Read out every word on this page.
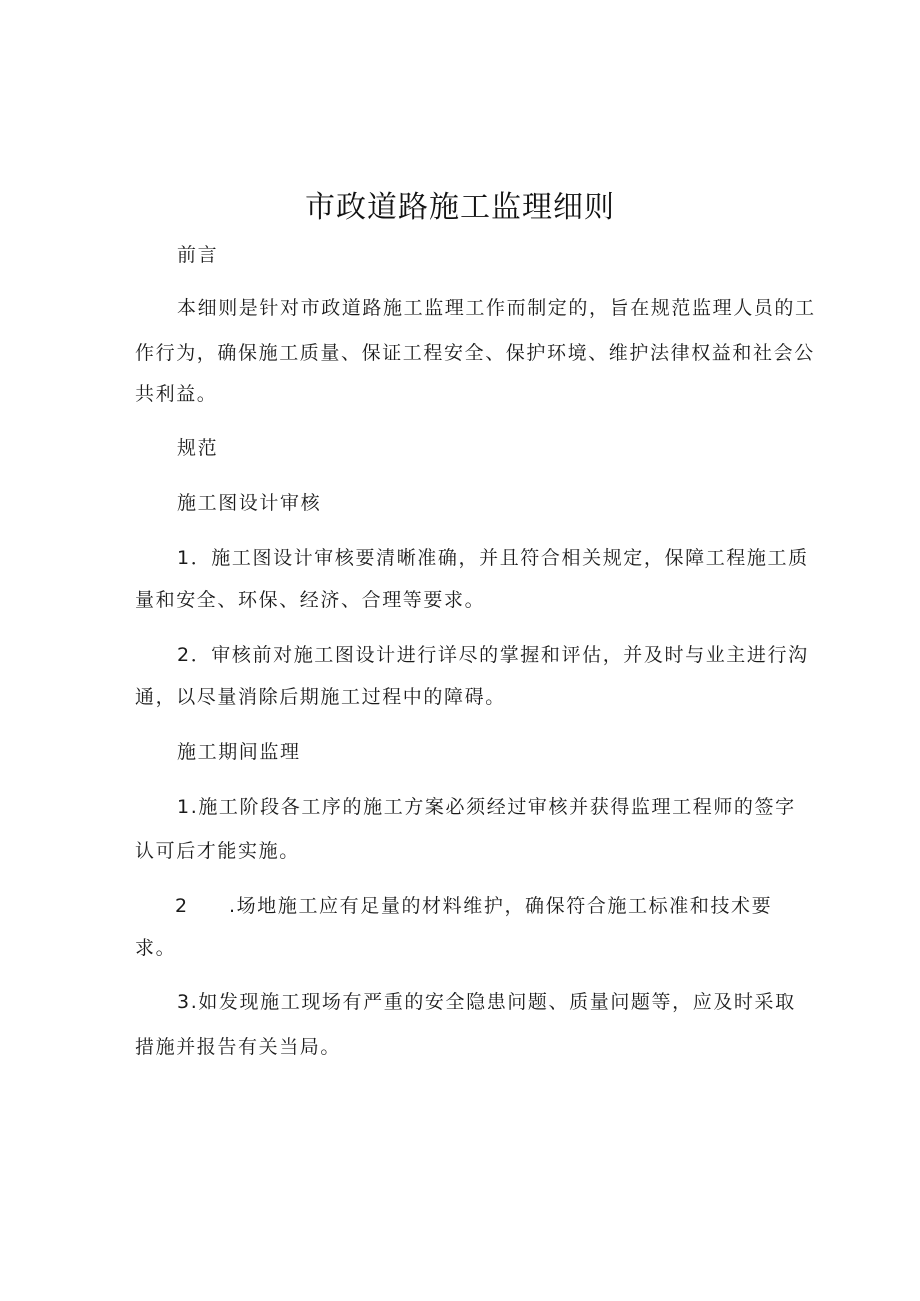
市政道路施工监理细则
前言
本细则是针对市政道路施工监理工作而制定的，旨在规范监理人员的工
作行为，确保施工质量、保证工程安全、保护环境、维护法律权益和社会公
共利益。
规范
施工图设计审核
1．施工图设计审核要清晰准确，并且符合相关规定，保障工程施工质
量和安全、环保、经济、合理等要求。
2．审核前对施工图设计进行详尽的掌握和评估，并及时与业主进行沟
通，以尽量消除后期施工过程中的障碍。
施工期间监理
1.施工阶段各工序的施工方案必须经过审核并获得监理工程师的签字
认可后才能实施。
2 .场地施工应有足量的材料维护，确保符合施工标准和技术要
求。
3.如发现施工现场有严重的安全隐患问题、质量问题等，应及时采取
措施并报告有关当局。
